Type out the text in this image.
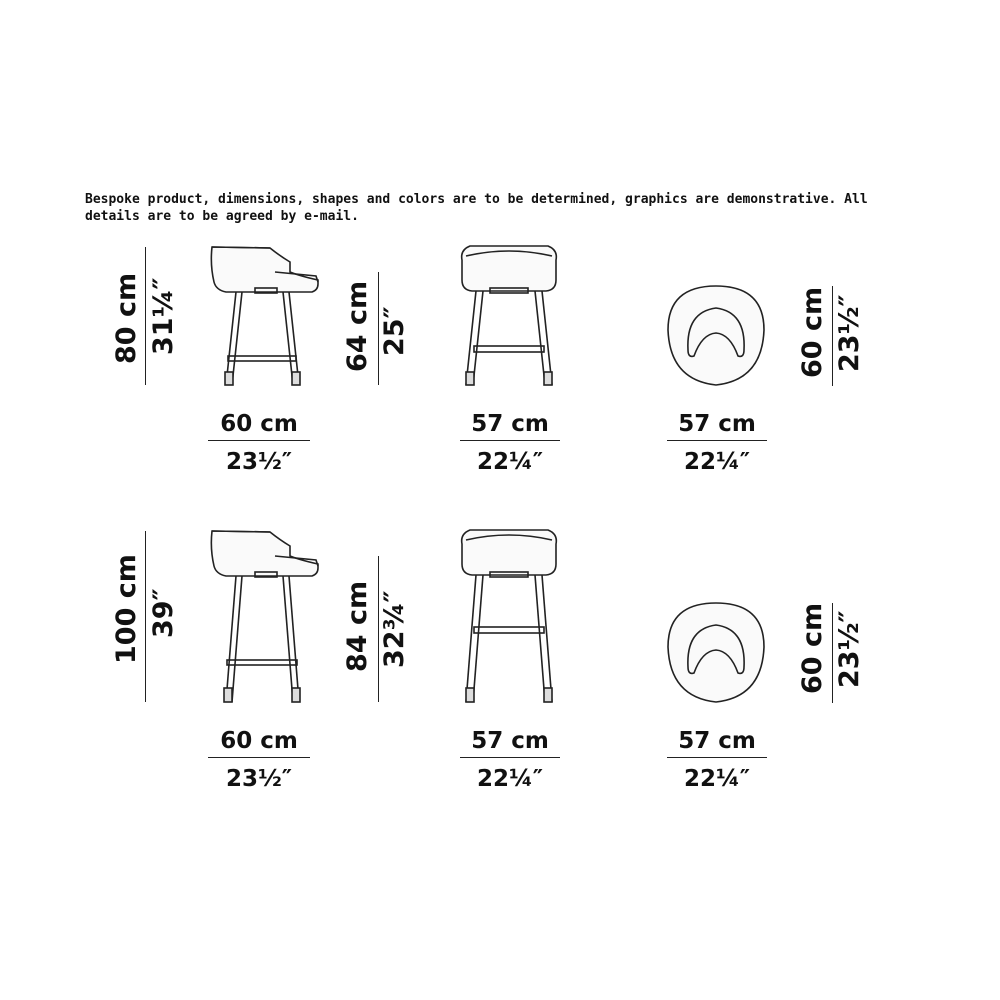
Bespoke product, dimensions, shapes and colors are to be determined, graphics are demonstrative. All details are to be agreed by e-mail.
80 cm 31¼″	64 cm 25″	60 cm 23½″
60 cm
23½″
57 cm
22¼″
57 cm
22¼″
100 cm 39″	84 cm 32¾″	60 cm 23½″
60 cm
23½″
57 cm
22¼″
57 cm
22¼″
